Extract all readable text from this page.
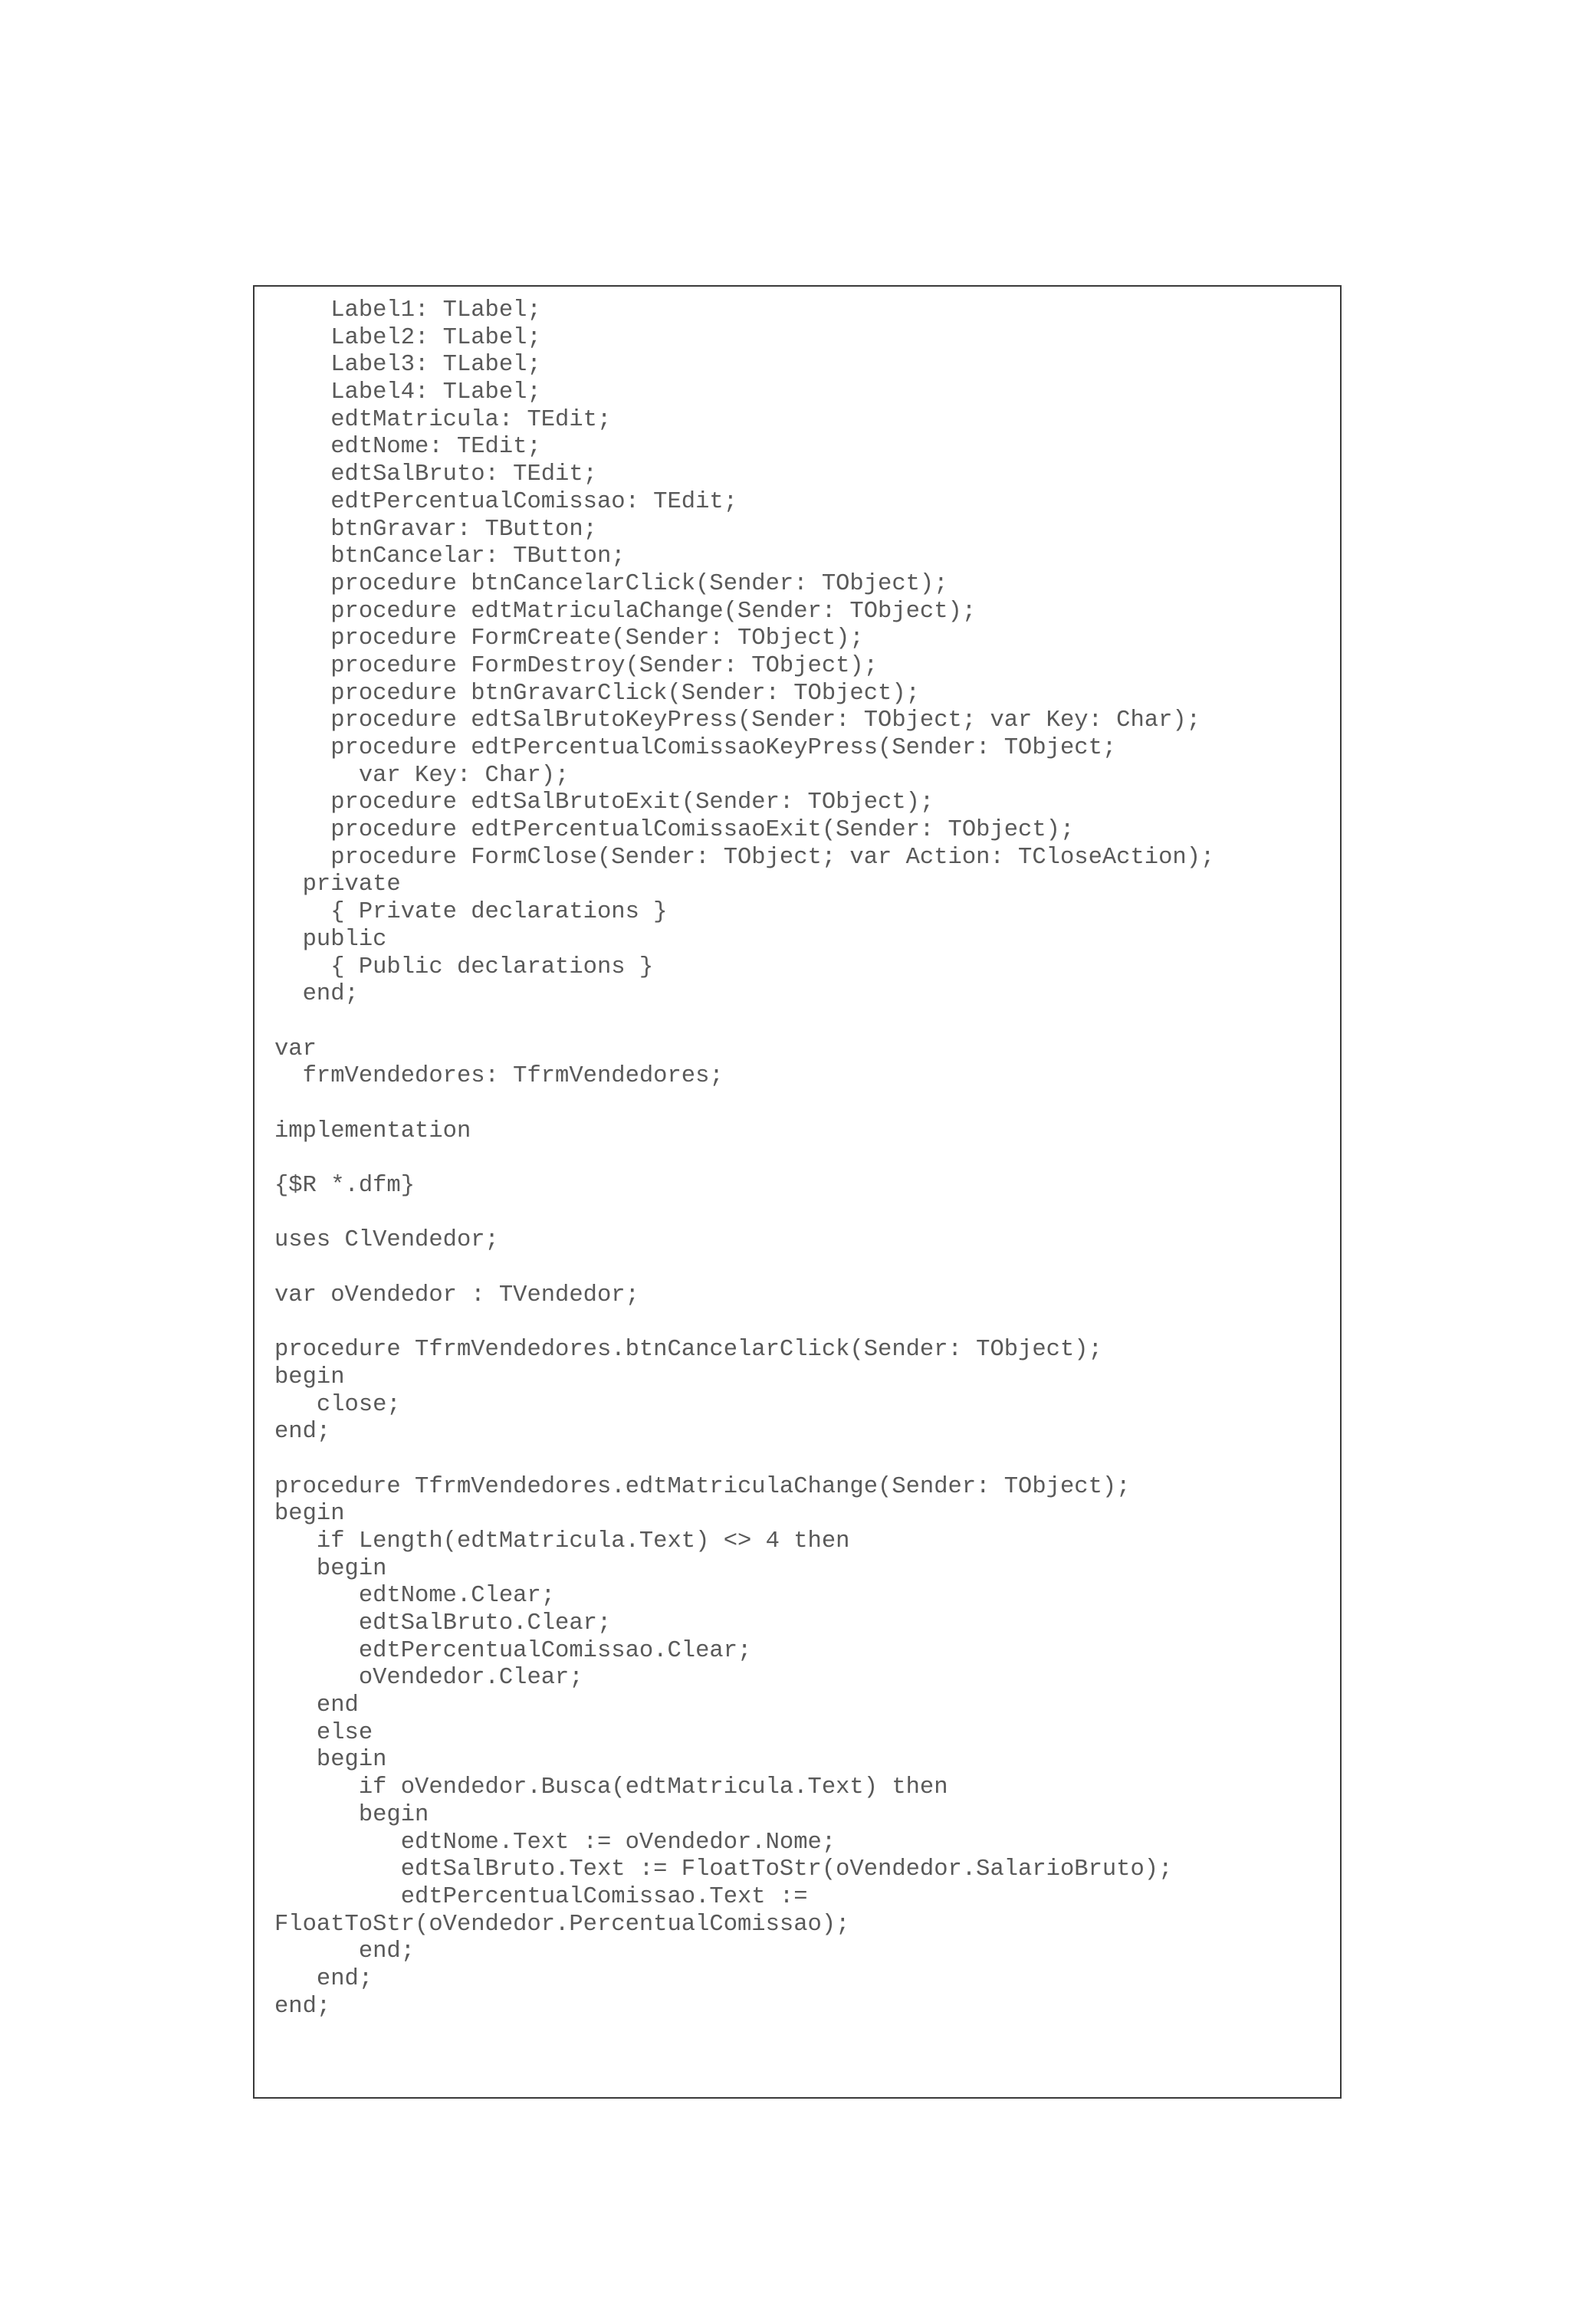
Label1: TLabel;
Label2: TLabel;
Label3: TLabel;
Label4: TLabel;
edtMatricula: TEdit;
edtNome: TEdit;
edtSalBruto: TEdit;
edtPercentualComissao: TEdit;
btnGravar: TButton;
btnCancelar: TButton;
procedure btnCancelarClick(Sender: TObject);
procedure edtMatriculaChange(Sender: TObject);
procedure FormCreate(Sender: TObject);
procedure FormDestroy(Sender: TObject);
procedure btnGravarClick(Sender: TObject);
procedure edtSalBrutoKeyPress(Sender: TObject; var Key: Char);
procedure edtPercentualComissaoKeyPress(Sender: TObject;
var Key: Char);
procedure edtSalBrutoExit(Sender: TObject);
procedure edtPercentualComissaoExit(Sender: TObject);
procedure FormClose(Sender: TObject; var Action: TCloseAction);
private
{ Private declarations }
public
{ Public declarations }
end;
var
frmVendedores: TfrmVendedores;
implementation
{$R *.dfm}
uses ClVendedor;
var oVendedor : TVendedor;
procedure TfrmVendedores.btnCancelarClick(Sender: TObject);
begin
close;
end;
procedure TfrmVendedores.edtMatriculaChange(Sender: TObject);
begin
if Length(edtMatricula.Text) <> 4 then
begin
edtNome.Clear;
edtSalBruto.Clear;
edtPercentualComissao.Clear;
oVendedor.Clear;
end
else
begin
if oVendedor.Busca(edtMatricula.Text) then
begin
edtNome.Text := oVendedor.Nome;
edtSalBruto.Text := FloatToStr(oVendedor.SalarioBruto);
edtPercentualComissao.Text :=
FloatToStr(oVendedor.PercentualComissao);
end;
end;
end;
